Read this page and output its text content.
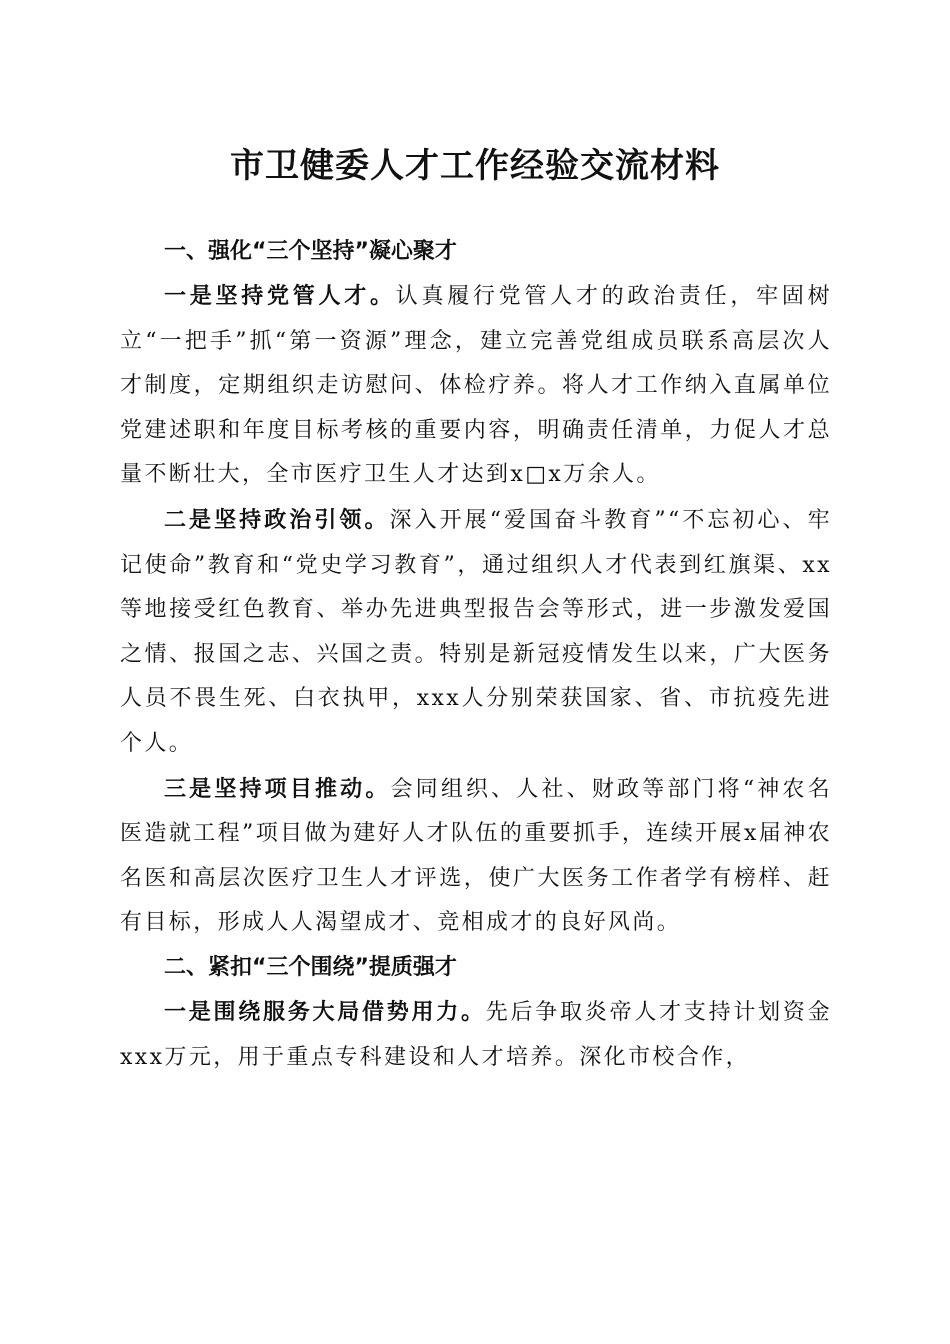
市卫健委人才工作经验交流材料
一、强化“三个坚持”凝心聚才

一是坚持党管人才。认真履行党管人才的政治责任，牢固树立“一把手”抓“第一资源”理念，建立完善党组成员联系高层次人才制度，定期组织走访慰问、体检疗养。将人才工作纳入直属单位党建述职和年度目标考核的重要内容，明确责任清单，力促人才总量不断壮大，全市医疗卫生人才达到x□x万余人。

二是坚持政治引领。深入开展“爱国奋斗教育”“不忘初心、牢记使命”教育和“党史学习教育”，通过组织人才代表到红旗渠、xx等地接受红色教育、举办先进典型报告会等形式，进一步激发爱国之情、报国之志、兴国之责。特别是新冠疫情发生以来，广大医务人员不畏生死、白衣执甲，xxx人分别荣获国家、省、市抗疫先进个人。

三是坚持项目推动。会同组织、人社、财政等部门将“神农名医造就工程”项目做为建好人才队伍的重要抓手，连续开展x届神农名医和高层次医疗卫生人才评选，使广大医务工作者学有榜样、赶有目标，形成人人渴望成才、竞相成才的良好风尚。

二、紧扣“三个围绕”提质强才

一是围绕服务大局借势用力。先后争取炎帝人才支持计划资金xxx万元，用于重点专科建设和人才培养。深化市校合作，
